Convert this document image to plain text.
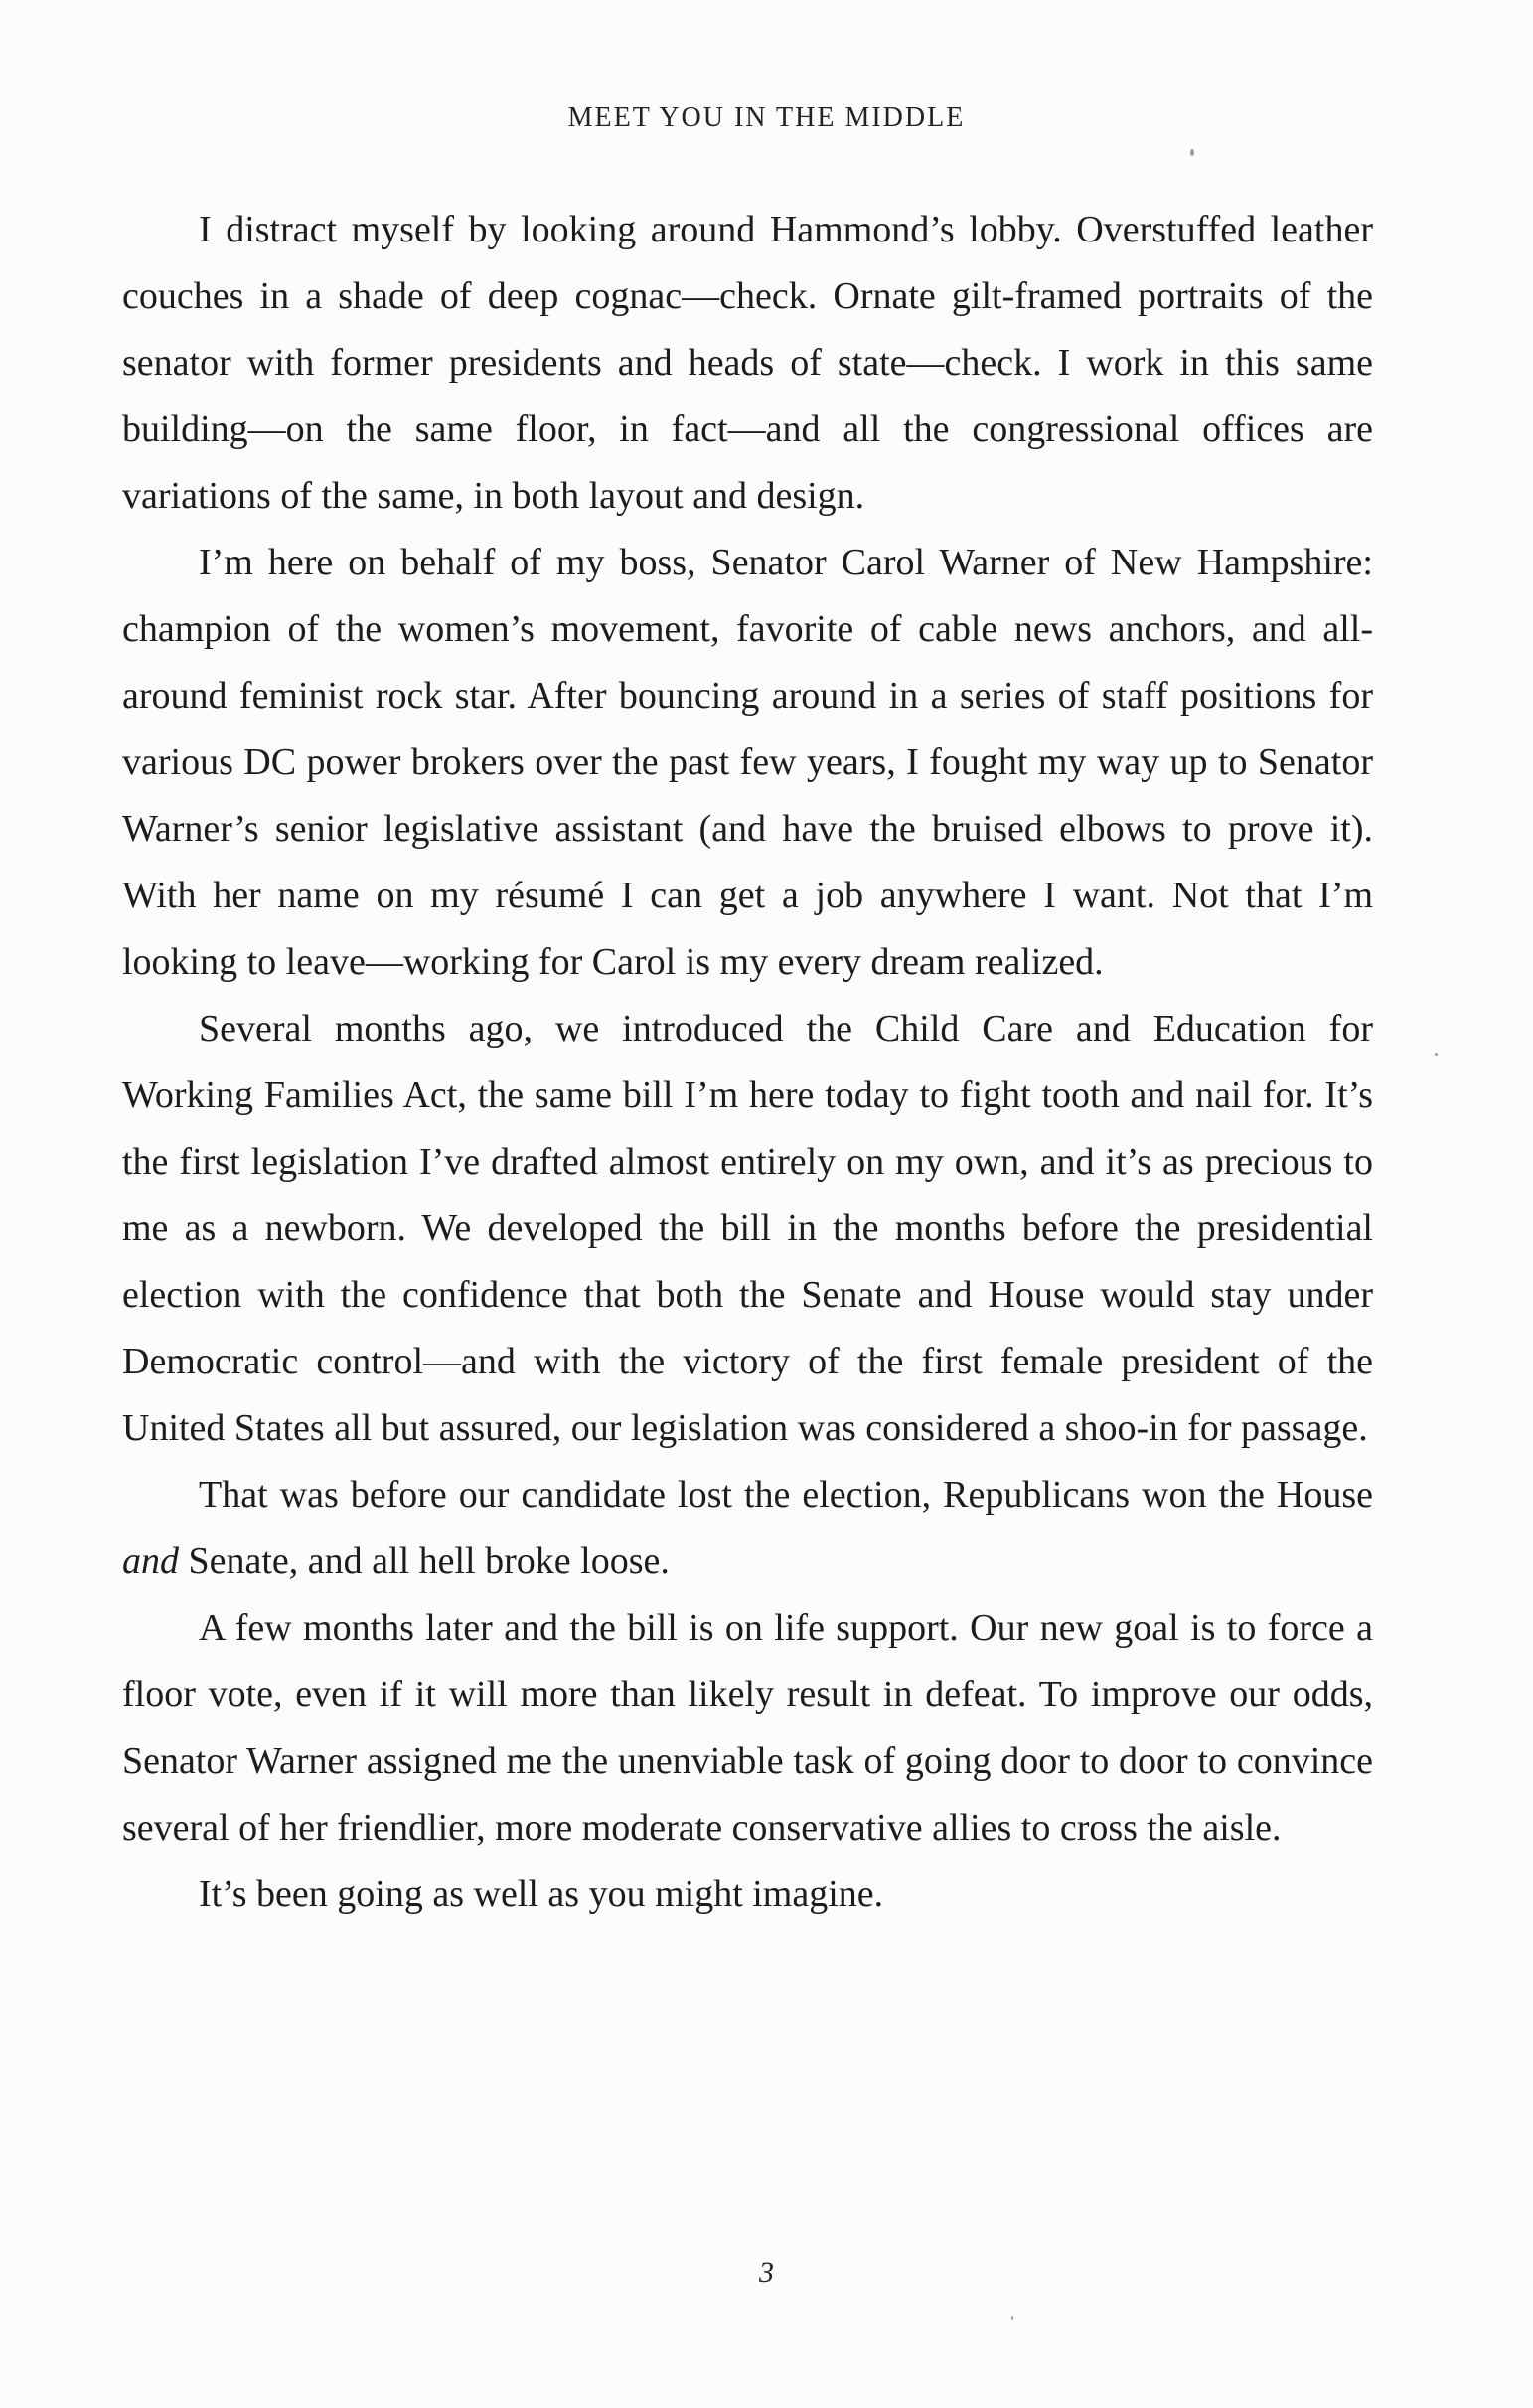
MEET YOU IN THE MIDDLE

I distract myself by looking around Hammond’s lobby. Overstuffed leather couches in a shade of deep cognac—check. Ornate gilt-framed portraits of the senator with former presidents and heads of state—check. I work in this same building—on the same floor, in fact—and all the congressional offices are variations of the same, in both layout and design.

I’m here on behalf of my boss, Senator Carol Warner of New Hampshire: champion of the women’s movement, favorite of cable news anchors, and all-around feminist rock star. After bouncing around in a series of staff positions for various DC power brokers over the past few years, I fought my way up to Senator Warner’s senior legislative assistant (and have the bruised elbows to prove it). With her name on my résumé I can get a job anywhere I want. Not that I’m looking to leave—working for Carol is my every dream realized.

Several months ago, we introduced the Child Care and Education for Working Families Act, the same bill I’m here today to fight tooth and nail for. It’s the first legislation I’ve drafted almost entirely on my own, and it’s as precious to me as a newborn. We developed the bill in the months before the presidential election with the confidence that both the Senate and House would stay under Democratic control—and with the victory of the first female president of the United States all but assured, our legislation was considered a shoo-in for passage.

That was before our candidate lost the election, Republicans won the House and Senate, and all hell broke loose.

A few months later and the bill is on life support. Our new goal is to force a floor vote, even if it will more than likely result in defeat. To improve our odds, Senator Warner assigned me the unenviable task of going door to door to convince several of her friendlier, more moderate conservative allies to cross the aisle.

It’s been going as well as you might imagine.

3
